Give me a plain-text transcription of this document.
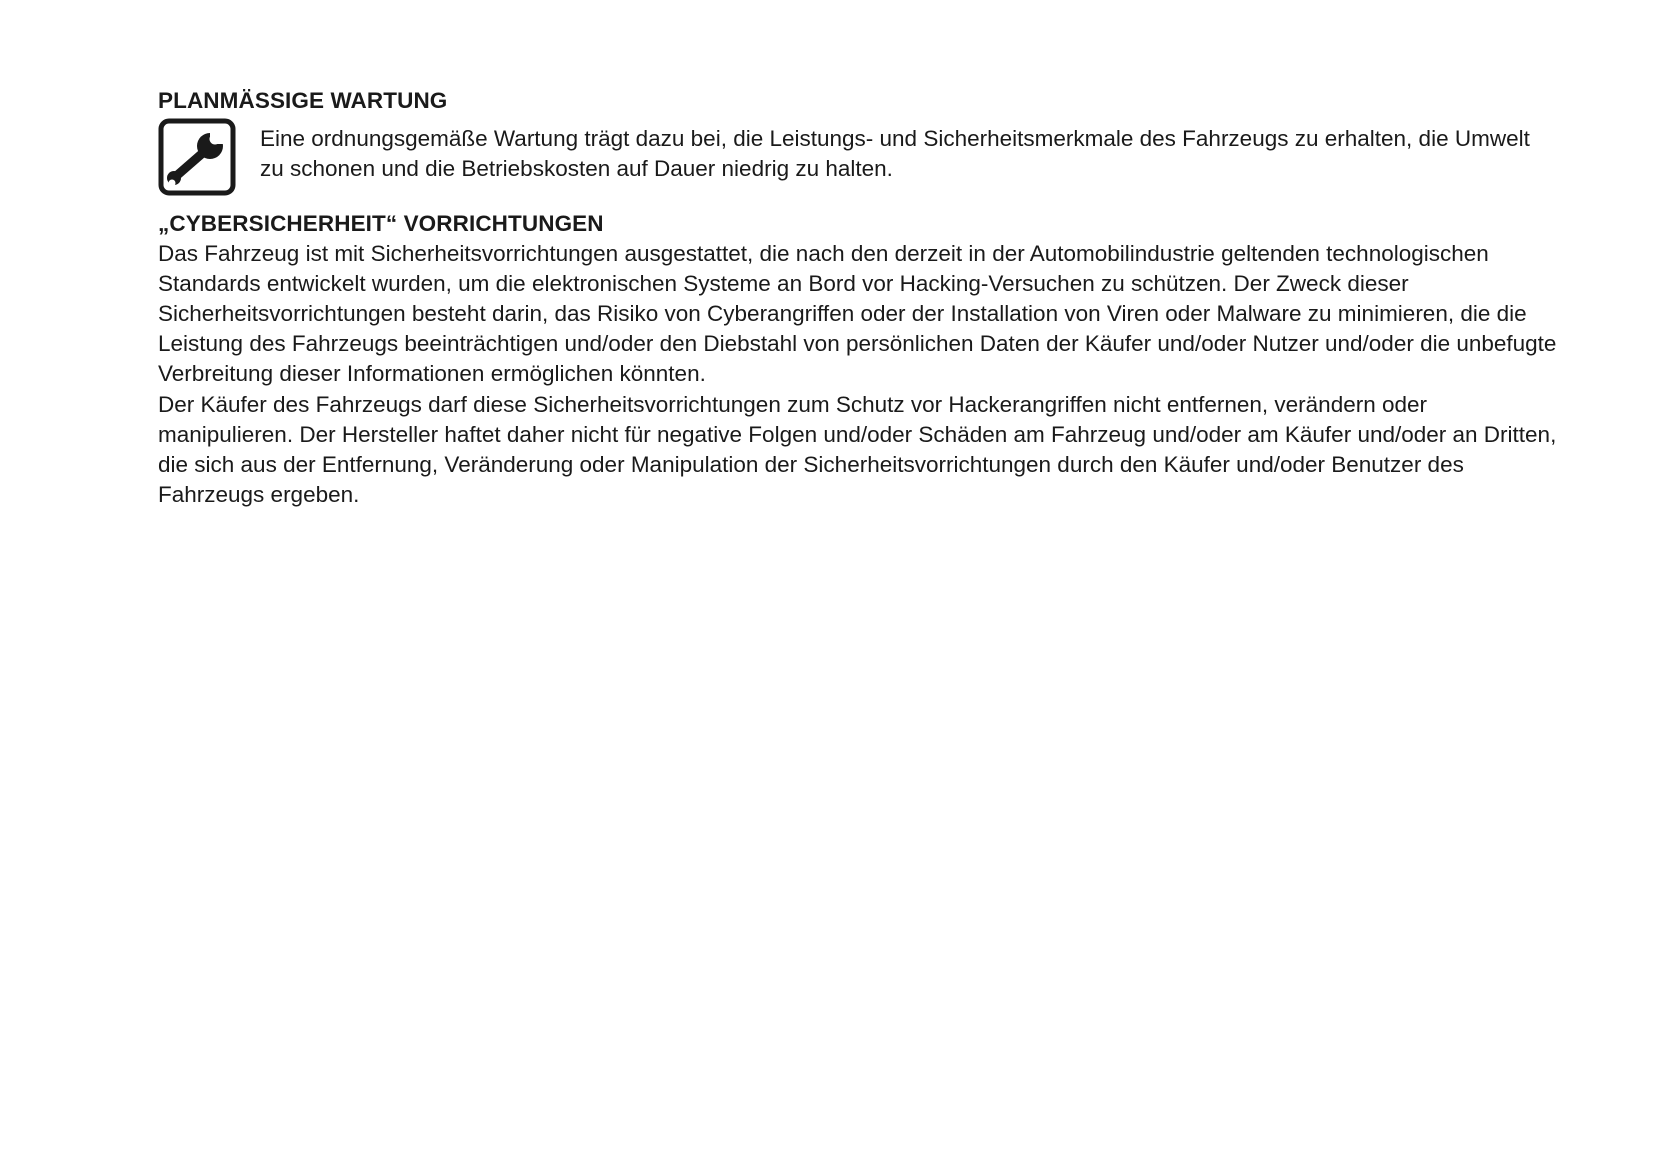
PLANMÄSSIGE WARTUNG

Eine ordnungsgemäße Wartung trägt dazu bei, die Leistungs- und Sicherheitsmerkmale des Fahrzeugs zu erhalten, die Umwelt zu schonen und die Betriebskosten auf Dauer niedrig zu halten.

„CYBERSICHERHEIT“ VORRICHTUNGEN

Das Fahrzeug ist mit Sicherheitsvorrichtungen ausgestattet, die nach den derzeit in der Automobilindustrie geltenden technologischen Standards entwickelt wurden, um die elektronischen Systeme an Bord vor Hacking-Versuchen zu schützen. Der Zweck dieser Sicherheitsvorrichtungen besteht darin, das Risiko von Cyberangriffen oder der Installation von Viren oder Malware zu minimieren, die die Leistung des Fahrzeugs beeinträchtigen und/oder den Diebstahl von persönlichen Daten der Käufer und/oder Nutzer und/oder die unbefugte Verbreitung dieser Informationen ermöglichen könnten.

Der Käufer des Fahrzeugs darf diese Sicherheitsvorrichtungen zum Schutz vor Hackerangriffen nicht entfernen, verändern oder manipulieren. Der Hersteller haftet daher nicht für negative Folgen und/oder Schäden am Fahrzeug und/oder am Käufer und/oder an Dritten, die sich aus der Entfernung, Veränderung oder Manipulation der Sicherheitsvorrichtungen durch den Käufer und/oder Benutzer des Fahrzeugs ergeben.
